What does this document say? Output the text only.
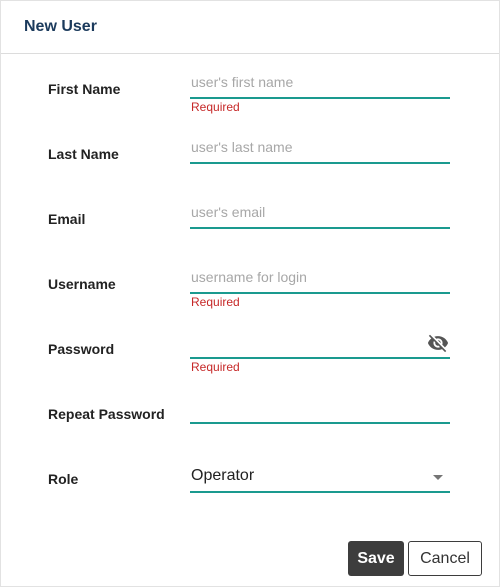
New User
First Name
user's first name
Required
Last Name
user's last name
Email
user's email
Username
username for login
Required
Password
Required
Repeat Password
Role	Operator
Save	Cancel
